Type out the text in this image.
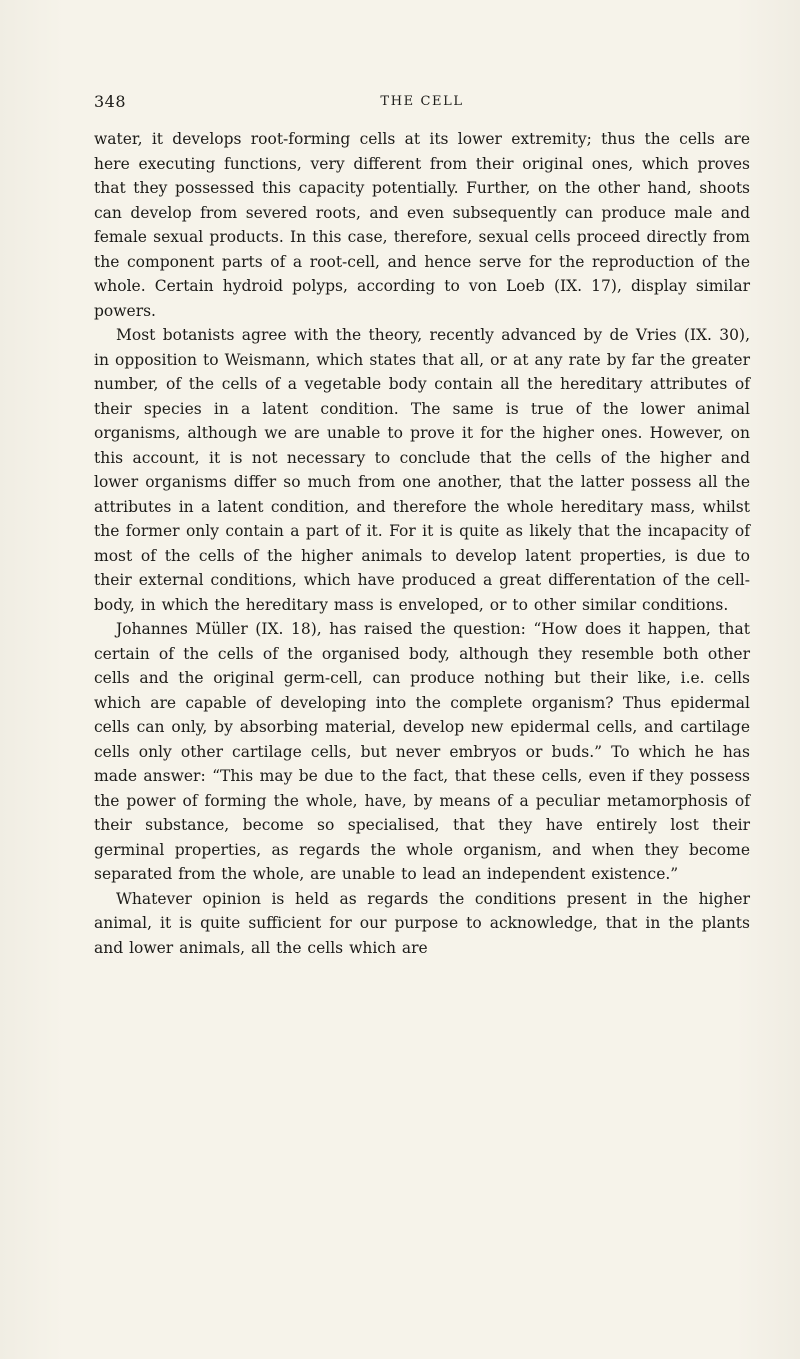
348	THE CELL

water, it develops root-forming cells at its lower extremity; thus the cells are here executing functions, very different from their original ones, which proves that they possessed this capacity potentially. Further, on the other hand, shoots can develop from severed roots, and even subsequently can produce male and female sexual products. In this case, therefore, sexual cells proceed directly from the component parts of a root-cell, and hence serve for the reproduction of the whole. Certain hydroid polyps, according to von Loeb (IX. 17), display similar powers.

Most botanists agree with the theory, recently advanced by de Vries (IX. 30), in opposition to Weismann, which states that all, or at any rate by far the greater number, of the cells of a vegetable body contain all the hereditary attributes of their species in a latent condition. The same is true of the lower animal organisms, although we are unable to prove it for the higher ones. However, on this account, it is not necessary to conclude that the cells of the higher and lower organisms differ so much from one another, that the latter possess all the attributes in a latent condition, and therefore the whole hereditary mass, whilst the former only contain a part of it. For it is quite as likely that the incapacity of most of the cells of the higher animals to develop latent properties, is due to their external conditions, which have produced a great differentation of the cell-body, in which the hereditary mass is enveloped, or to other similar conditions.

Johannes Müller (IX. 18), has raised the question: “How does it happen, that certain of the cells of the organised body, although they resemble both other cells and the original germ-cell, can produce nothing but their like, i.e. cells which are capable of developing into the complete organism? Thus epidermal cells can only, by absorbing material, develop new epidermal cells, and cartilage cells only other cartilage cells, but never embryos or buds.” To which he has made answer: “This may be due to the fact, that these cells, even if they possess the power of forming the whole, have, by means of a peculiar metamorphosis of their substance, become so specialised, that they have entirely lost their germinal properties, as regards the whole organism, and when they become separated from the whole, are unable to lead an independent existence.”

Whatever opinion is held as regards the conditions present in the higher animal, it is quite sufficient for our purpose to acknowledge, that in the plants and lower animals, all the cells which are
